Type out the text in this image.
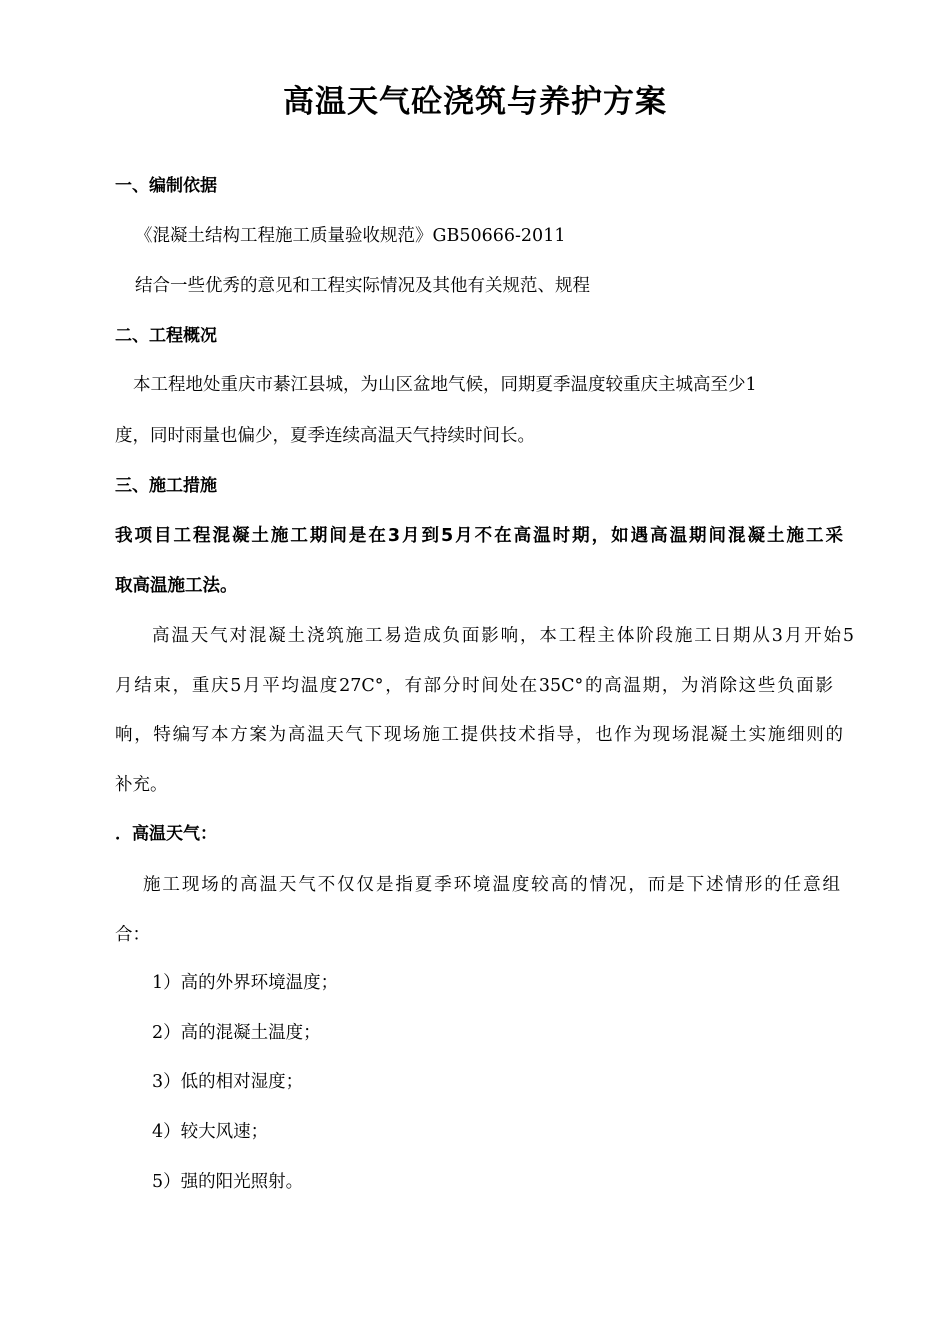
高温天气砼浇筑与养护方案
一、编制依据
《混凝土结构工程施工质量验收规范》GB50666-2011
结合一些优秀的意见和工程实际情况及其他有关规范、规程
二、工程概况
本工程地处重庆市綦江县城，为山区盆地气候，同期夏季温度较重庆主城高至少1
度，同时雨量也偏少，夏季连续高温天气持续时间长。
三、施工措施
我项目工程混凝土施工期间是在3月到5月不在高温时期，如遇高温期间混凝土施工采
取高温施工法。
高温天气对混凝土浇筑施工易造成负面影响，本工程主体阶段施工日期从3月开始5
月结束，重庆5月平均温度27C°，有部分时间处在35C°的高温期，为消除这些负面影
响，特编写本方案为高温天气下现场施工提供技术指导，也作为现场混凝土实施细则的
补充。
．高温天气：
施工现场的高温天气不仅仅是指夏季环境温度较高的情况，而是下述情形的任意组
合：
1）高的外界环境温度；
2）高的混凝土温度；
3）低的相对湿度；
4）较大风速；
5）强的阳光照射。
